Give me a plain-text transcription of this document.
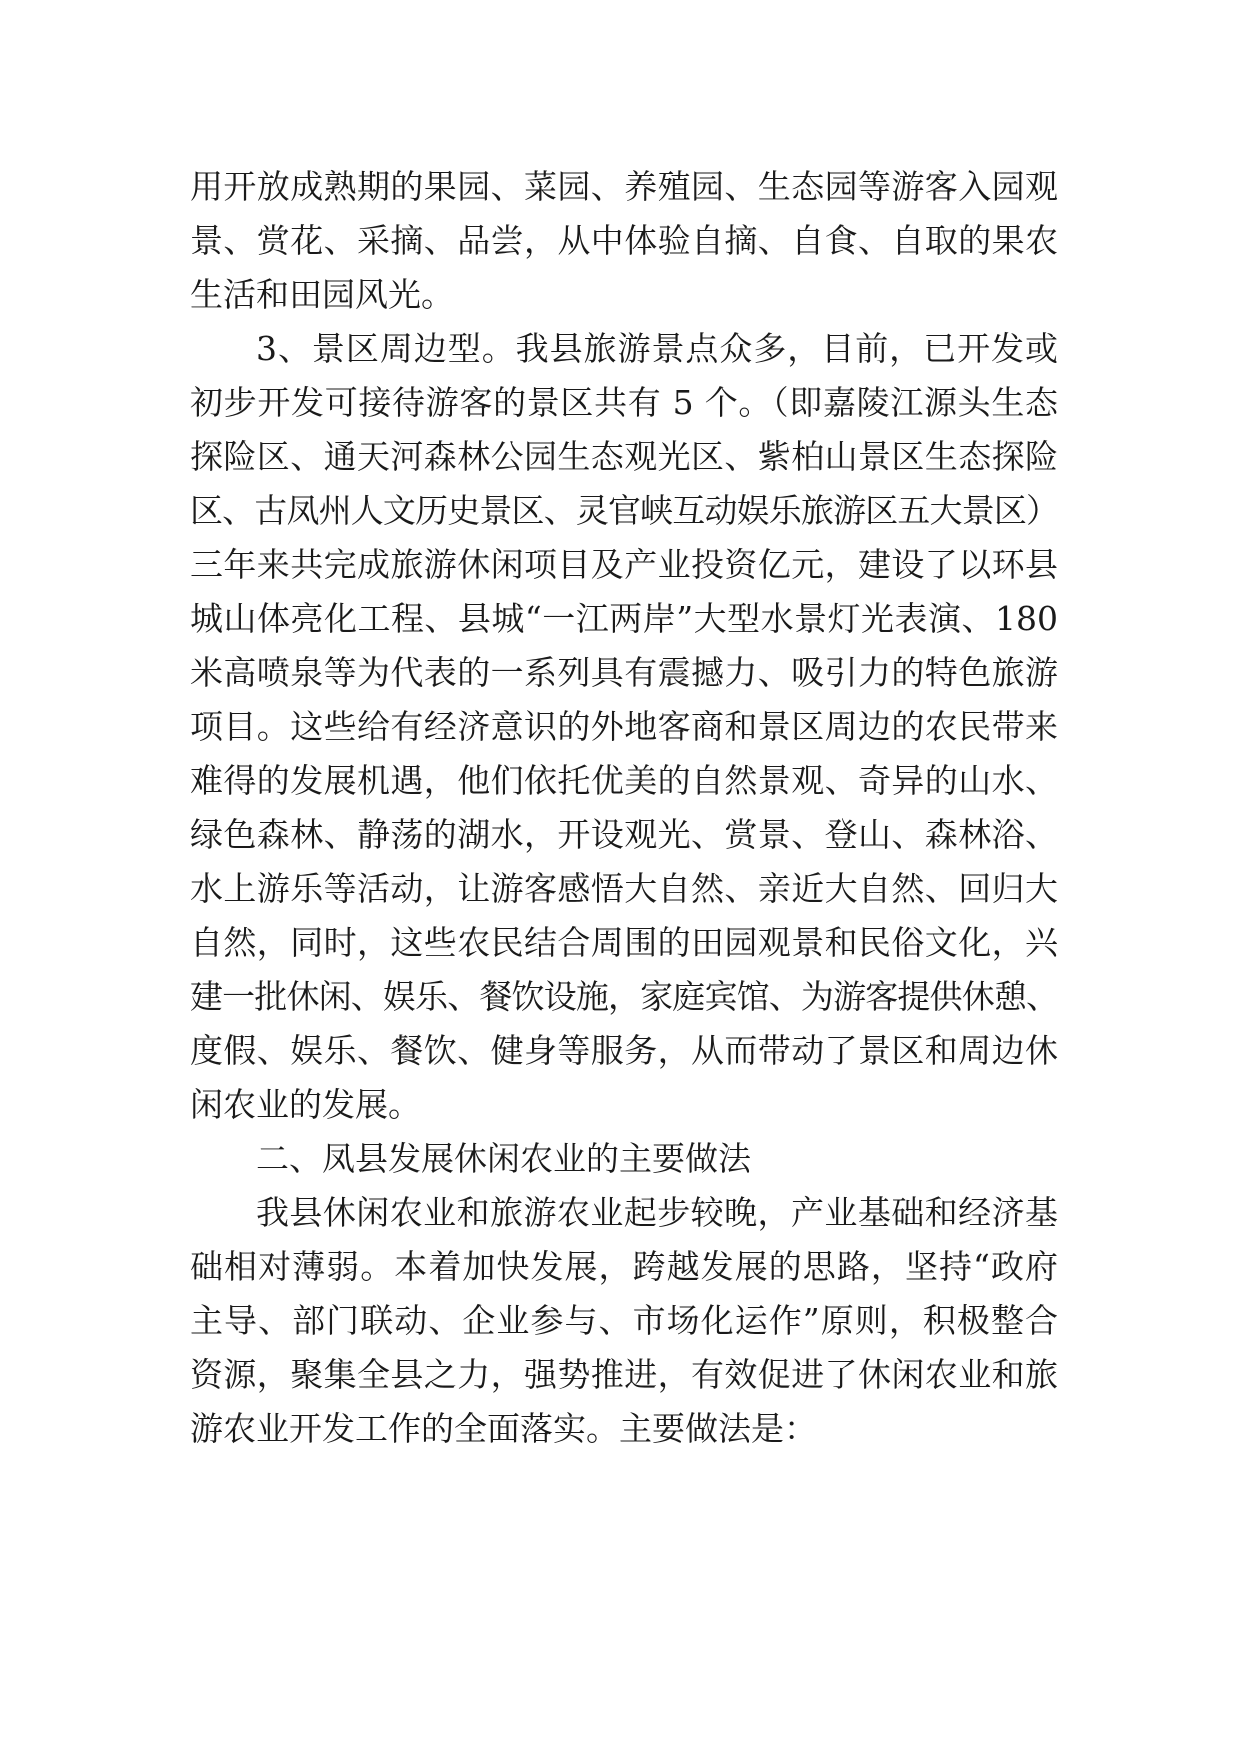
用开放成熟期的果园、菜园、养殖园、生态园等游客入园观
景、赏花、采摘、品尝，从中体验自摘、自食、自取的果农
生活和田园风光。
3、景区周边型。我县旅游景点众多，目前，已开发或
初步开发可接待游客的景区共有 5 个。（即嘉陵江源头生态
探险区、通天河森林公园生态观光区、紫柏山景区生态探险
区、古凤州人文历史景区、灵官峡互动娱乐旅游区五大景区）
三年来共完成旅游休闲项目及产业投资亿元，建设了以环县
城山体亮化工程、县城“一江两岸”大型水景灯光表演、180
米高喷泉等为代表的一系列具有震撼力、吸引力的特色旅游
项目。这些给有经济意识的外地客商和景区周边的农民带来
难得的发展机遇，他们依托优美的自然景观、奇异的山水、
绿色森林、静荡的湖水，开设观光、赏景、登山、森林浴、
水上游乐等活动，让游客感悟大自然、亲近大自然、回归大
自然，同时，这些农民结合周围的田园观景和民俗文化，兴
建一批休闲、娱乐、餐饮设施，家庭宾馆、为游客提供休憩、
度假、娱乐、餐饮、健身等服务，从而带动了景区和周边休
闲农业的发展。
二、凤县发展休闲农业的主要做法
我县休闲农业和旅游农业起步较晚，产业基础和经济基
础相对薄弱。本着加快发展，跨越发展的思路，坚持“政府
主导、部门联动、企业参与、市场化运作”原则，积极整合
资源，聚集全县之力，强势推进，有效促进了休闲农业和旅
游农业开发工作的全面落实。主要做法是：
